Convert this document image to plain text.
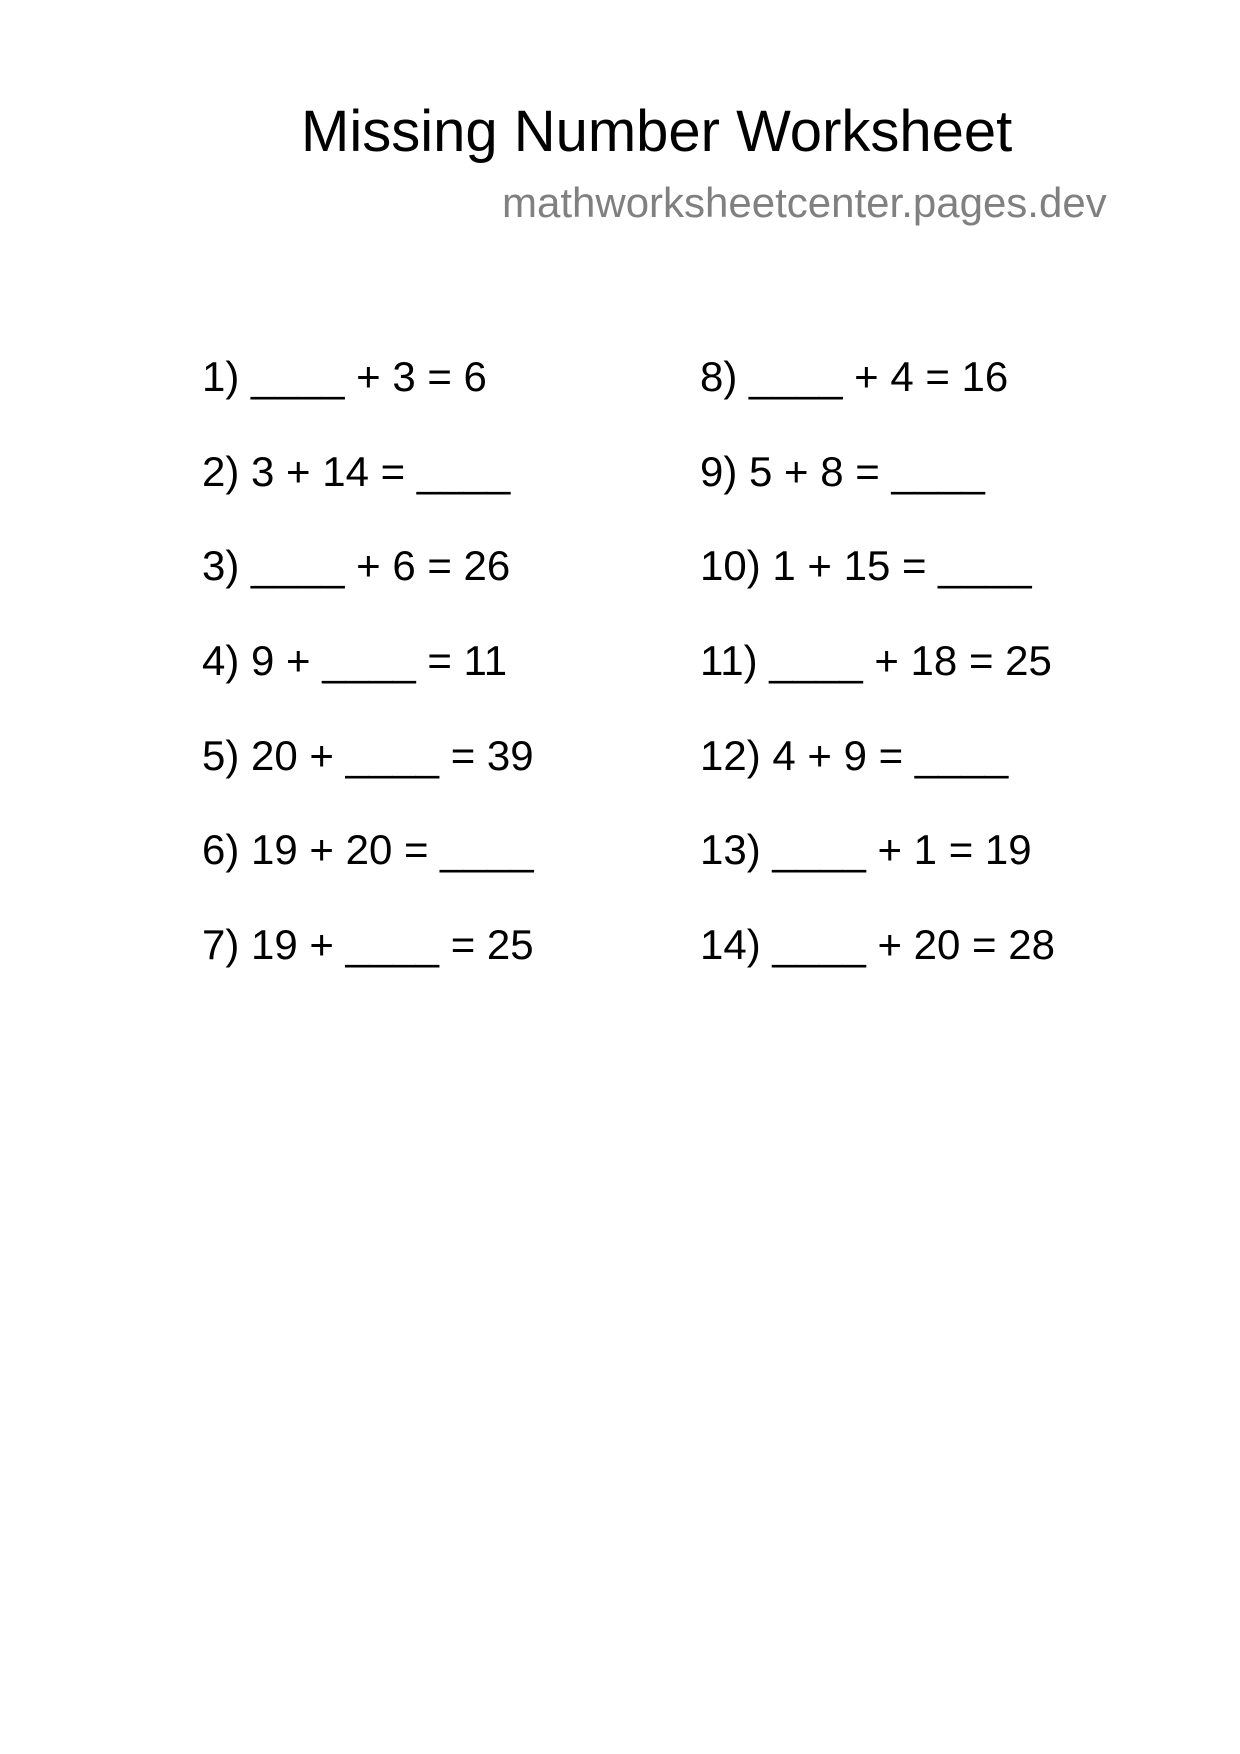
Missing Number Worksheet
mathworksheetcenter.pages.dev
1) ____ + 3 = 6
2) 3 + 14 = ____
3) ____ + 6 = 26
4) 9 + ____ = 11
5) 20 + ____ = 39
6) 19 + 20 = ____
7) 19 + ____ = 25
8) ____ + 4 = 16
9) 5 + 8 = ____
10) 1 + 15 = ____
11) ____ + 18 = 25
12) 4 + 9 = ____
13) ____ + 1 = 19
14) ____ + 20 = 28
